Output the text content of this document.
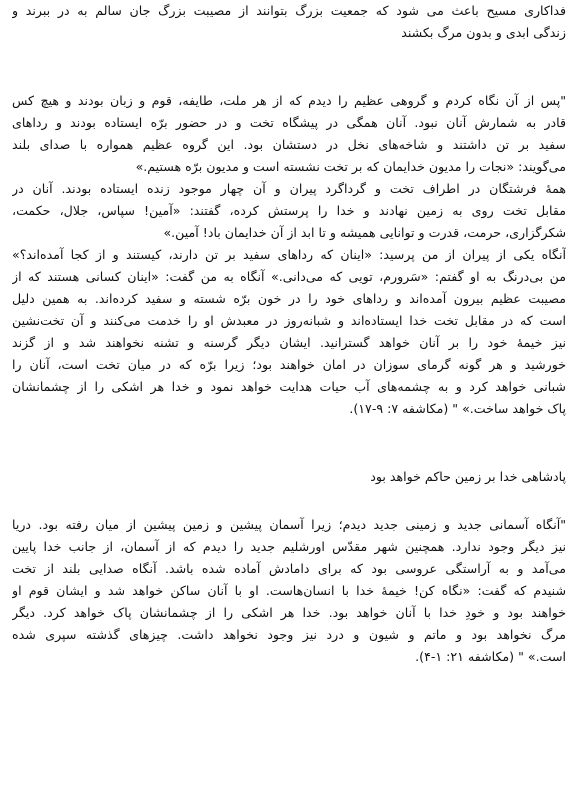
فداکاری مسیح باعث می شود که جمعیت بزرگ بتوانند از مصیبت بزرگ جان سالم به در ببرند و
زندگی ابدی و بدون مرگ بکشند
"پس از آن نگاه کردم و گروهی عظیم را دیدم که از هر ملت، طایفه، قوم و زبان بودند و هیچ کس
قادر به شمارش آنان نبود. آنان همگی در پیشگاه تخت و در حضور برّه ایستاده بودند و ردا‌های
سفید بر تن داشتند و شاخه‌های نخل در دستشان بود. این گروه عظیم همواره با صدای بلند
می‌گویند: «نجات را مدیون خدایمان که بر تخت نشسته است و مدیون برّه هستیم.»
همهٔ فرشتگان در اطراف تخت و گرداگرد پیران و آن چهار موجود زنده ایستاده بودند. آنان در
مقابل تخت روی به زمین نهادند و خدا را پرستش کرده، گفتند: «آمین! سپاس، جلال، حکمت،
شکرگزاری، حرمت، قدرت و توانایی همیشه و تا ابد از آن خدایمان باد! آمین.»
آنگاه یکی از پیران از من پرسید: «اینان که رداهای سفید بر تن دارند، کیستند و از کجا آمده‌اند؟»
من بی‌درنگ به او گفتم: «سَرورم، تویی که می‌دانی.» آنگاه به من گفت: «اینان کسانی هستند که از
مصیبت عظیم بیرون آمده‌اند و رداهای خود را در خون برّه شسته و سفید کرده‌اند. به همین دلیل
است که در مقابل تخت خدا ایستاده‌اند و شبانه‌روز در معبدش او را خدمت می‌کنند و آن تخت‌نشین
نیز خیمهٔ خود را بر آنان خواهد گسترانید. ایشان دیگر گرسنه و تشنه نخواهند شد و از گزند
خورشید و هر گونه گرمای سوزان در امان خواهند بود؛ زیرا برّه که در میان تخت است، آنان را
شبانی خواهد کرد و به چشمه‌های آب حیات هدایت خواهد نمود و خدا هر اشکی را از چشمانشان
پاک خواهد ساخت.» " (مکاشفه ۷: ۹-۱۷).
پادشاهی خدا بر زمین حاکم خواهد بود
"آنگاه آسمانی جدید و زمینی جدید دیدم؛ زیرا آسمان پیشین و زمین پیشین از میان رفته بود. دریا
نیز دیگر وجود ندارد. همچنین شهر مقدّس اورشلیم جدید را دیدم که از آسمان، از جانب خدا پایین
می‌آمد و به آراستگی عروسی بود که برای دامادش آماده شده باشد. آنگاه صدایی بلند از تخت
شنیدم که گفت: «نگاه کن! خیمهٔ خدا با انسان‌هاست. او با آنان ساکن خواهد شد و ایشان قوم او
خواهند بود و خودِ خدا با آنان خواهد بود. خدا هر اشکی را از چشمانشان پاک خواهد کرد. دیگر
مرگ نخواهد بود و ماتم و شیون و درد نیز وجود نخواهد داشت. چیزهای گذشته سپری شده
است.» " (مکاشفه ۲۱: ۱-۴).
